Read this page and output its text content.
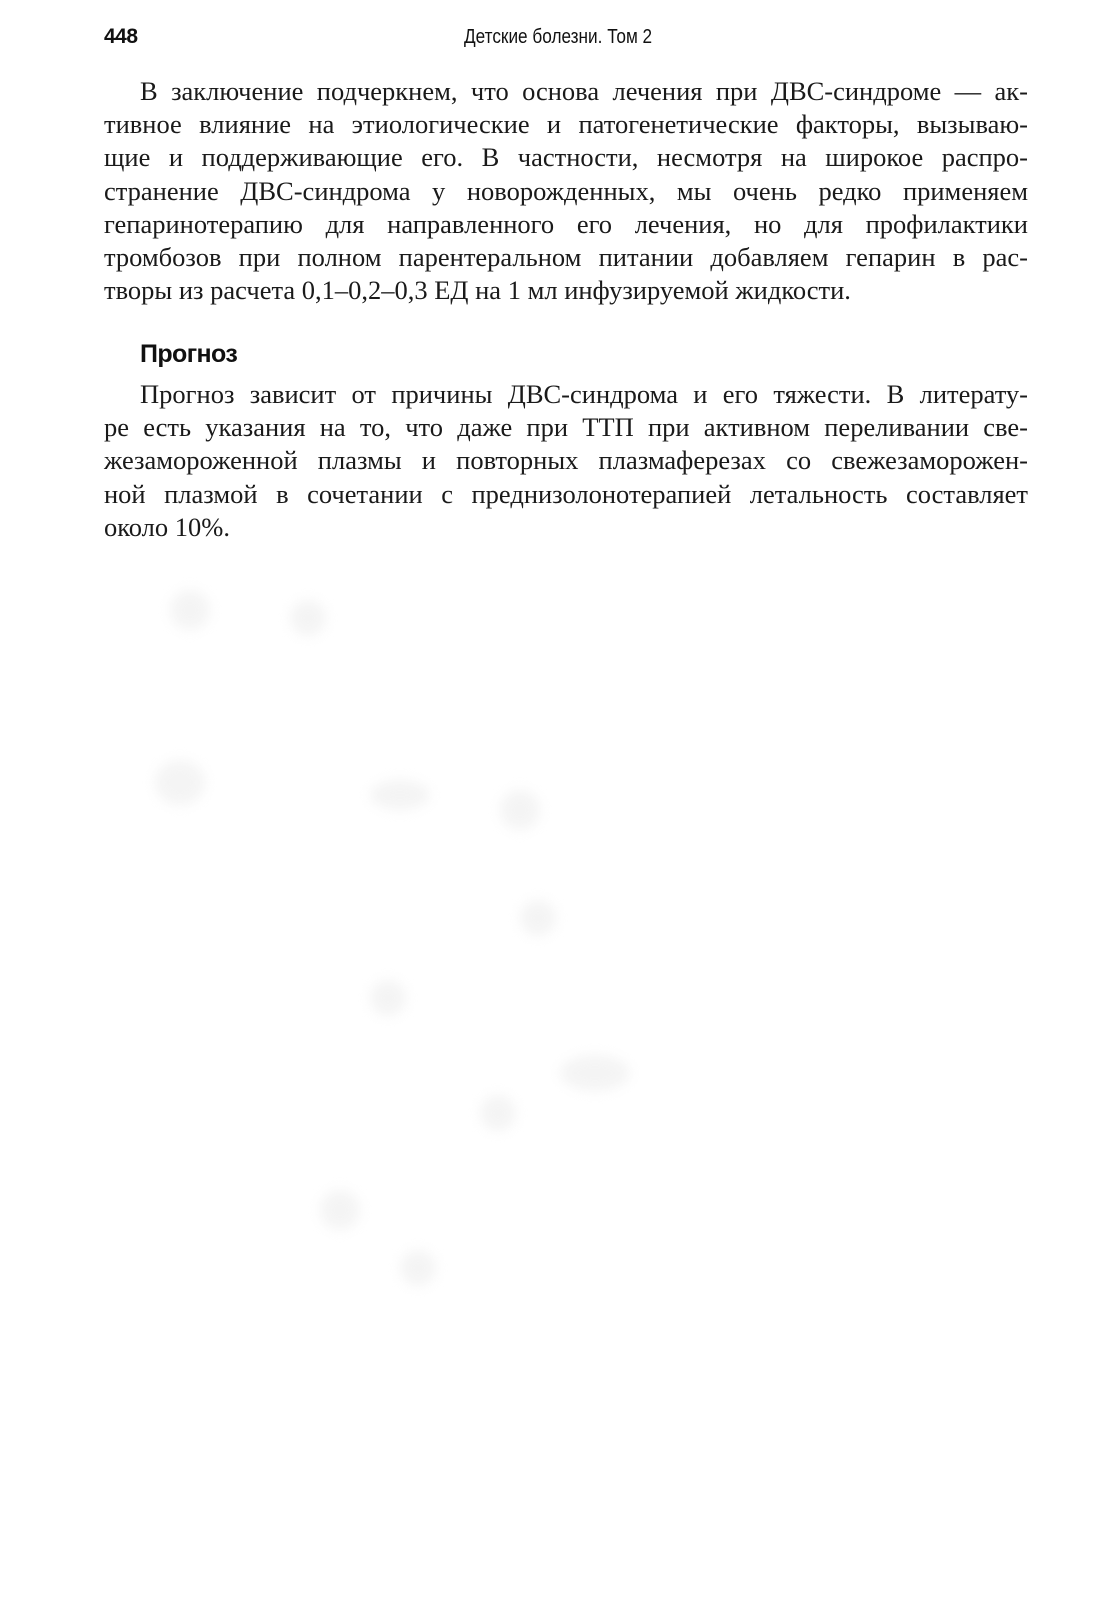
448	Детские болезни. Том 2
В заключение подчеркнем, что основа лечения при ДВС-синдроме — ак-
тивное влияние на этиологические и патогенетические факторы, вызываю-
щие и поддерживающие его. В частности, несмотря на широкое распро-
странение ДВС-синдрома у новорожденных, мы очень редко применяем
гепаринотерапию для направленного его лечения, но для профилактики
тромбозов при полном парентеральном питании добавляем гепарин в рас-
творы из расчета 0,1–0,2–0,3 ЕД на 1 мл инфузируемой жидкости.
Прогноз
Прогноз зависит от причины ДВС-синдрома и его тяжести. В литерату-
ре есть указания на то, что даже при ТТП при активном переливании све-
жезамороженной плазмы и повторных плазмаферезах со свежезаморожен-
ной плазмой в сочетании с преднизолонотерапией летальность составляет
около 10%.
